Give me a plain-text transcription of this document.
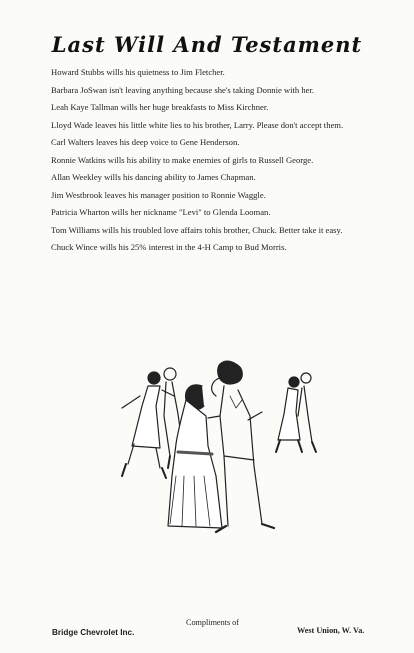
Last Will And Testament

Howard Stubbs wills his quietness to Jim Fletcher.

Barbara JoSwan isn't leaving anything because she's taking Donnie with her.

Leah Kaye Tallman wills her huge breakfasts to Miss Kirchner.

Lloyd Wade leaves his little white lies to his brother, Larry. Please don't accept them.

Carl Walters leaves his deep voice to Gene Henderson.

Ronnie Watkins wills his ability to make enemies of girls to Russell George.

Allan Weekley wills his dancing ability to James Chapman.

Jim Westbrook leaves his manager position to Ronnie Waggle.

Patricia Wharton wills her nickname "Levi" to Glenda Looman.

Tom Williams wills his troubled love affairs tohis brother, Chuck. Better take it easy.

Chuck Wince wills his 25% interest in the 4-H Camp to Bud Morris.

Bridge Chevrolet Inc.
Compliments of
West Union, W. Va.
